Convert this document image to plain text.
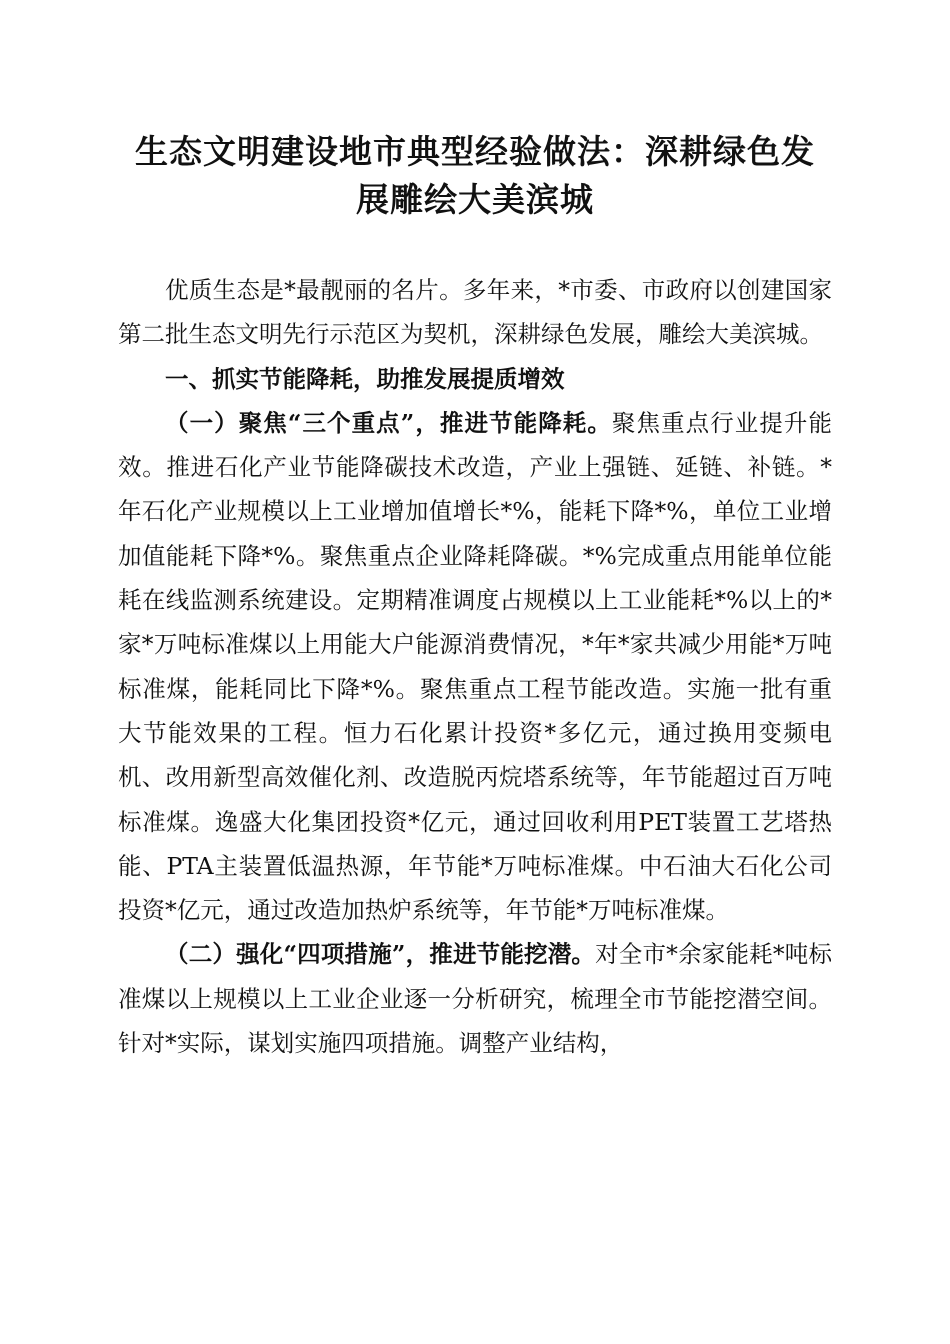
生态文明建设地市典型经验做法：深耕绿色发
展雕绘大美滨城

优质生态是*最靓丽的名片。多年来，*市委、市政府以创建国家第二批生态文明先行示范区为契机，深耕绿色发展，雕绘大美滨城。

一、抓实节能降耗，助推发展提质增效

（一）聚焦“三个重点”，推进节能降耗。聚焦重点行业提升能效。推进石化产业节能降碳技术改造，产业上强链、延链、补链。*年石化产业规模以上工业增加值增长*%，能耗下降*%，单位工业增加值能耗下降*%。聚焦重点企业降耗降碳。*%完成重点用能单位能耗在线监测系统建设。定期精准调度占规模以上工业能耗*%以上的*家*万吨标准煤以上用能大户能源消费情况，*年*家共减少用能*万吨标准煤，能耗同比下降*%。聚焦重点工程节能改造。实施一批有重大节能效果的工程。恒力石化累计投资*多亿元，通过换用变频电机、改用新型高效催化剂、改造脱丙烷塔系统等，年节能超过百万吨标准煤。逸盛大化集团投资*亿元，通过回收利用PET装置工艺塔热能、PTA主装置低温热源，年节能*万吨标准煤。中石油大石化公司投资*亿元，通过改造加热炉系统等，年节能*万吨标准煤。

（二）强化“四项措施”，推进节能挖潜。对全市*余家能耗*吨标准煤以上规模以上工业企业逐一分析研究，梳理全市节能挖潜空间。针对*实际，谋划实施四项措施。调整产业结构，
